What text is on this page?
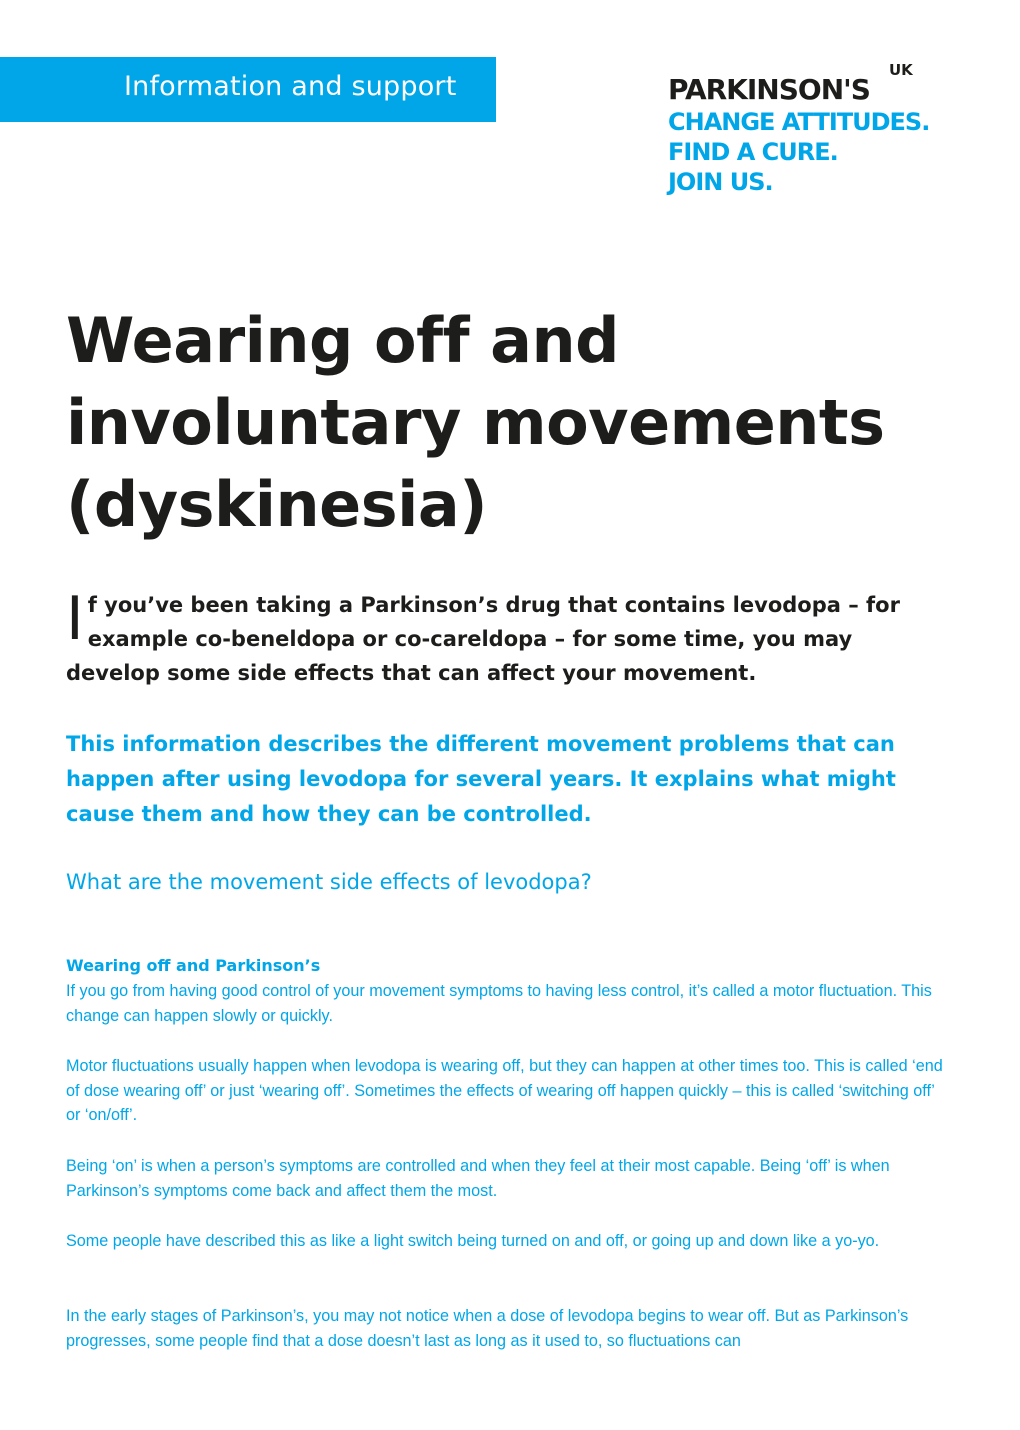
Information and support	PARKINSON'S
UK
CHANGE ATTITUDES.
FIND A CURE.
JOIN US.
Wearing off and
involuntary movements
(dyskinesia)

If you’ve been taking a Parkinson’s drug that contains levodopa – for example co-beneldopa or co-careldopa – for some time, you may develop some side effects that can affect your movement.

This information describes the different movement problems that can happen after using levodopa for several years. It explains what might cause them and how they can be controlled.

What are the movement side effects of levodopa?
Wearing off and Parkinson’s

If you go from having good control of your movement symptoms to having less control, it’s called a motor fluctuation. This change can happen slowly or quickly.

Motor fluctuations usually happen when levodopa is wearing off, but they can happen at other times too. This is called ‘end of dose wearing off’ or just ‘wearing off’. Sometimes the effects of wearing off happen quickly – this is called ‘switching off’ or ‘on/off’.

Being ‘on’ is when a person’s symptoms are controlled and when they feel at their most capable. Being ‘off’ is when Parkinson’s symptoms come back and affect them the most.

Some people have described this as like a light switch being turned on and off, or going up and down like a yo-yo.

In the early stages of Parkinson’s, you may not notice when a dose of levodopa begins to wear off. But as Parkinson’s progresses, some people find that a dose doesn’t last as long as it used to, so fluctuations can
